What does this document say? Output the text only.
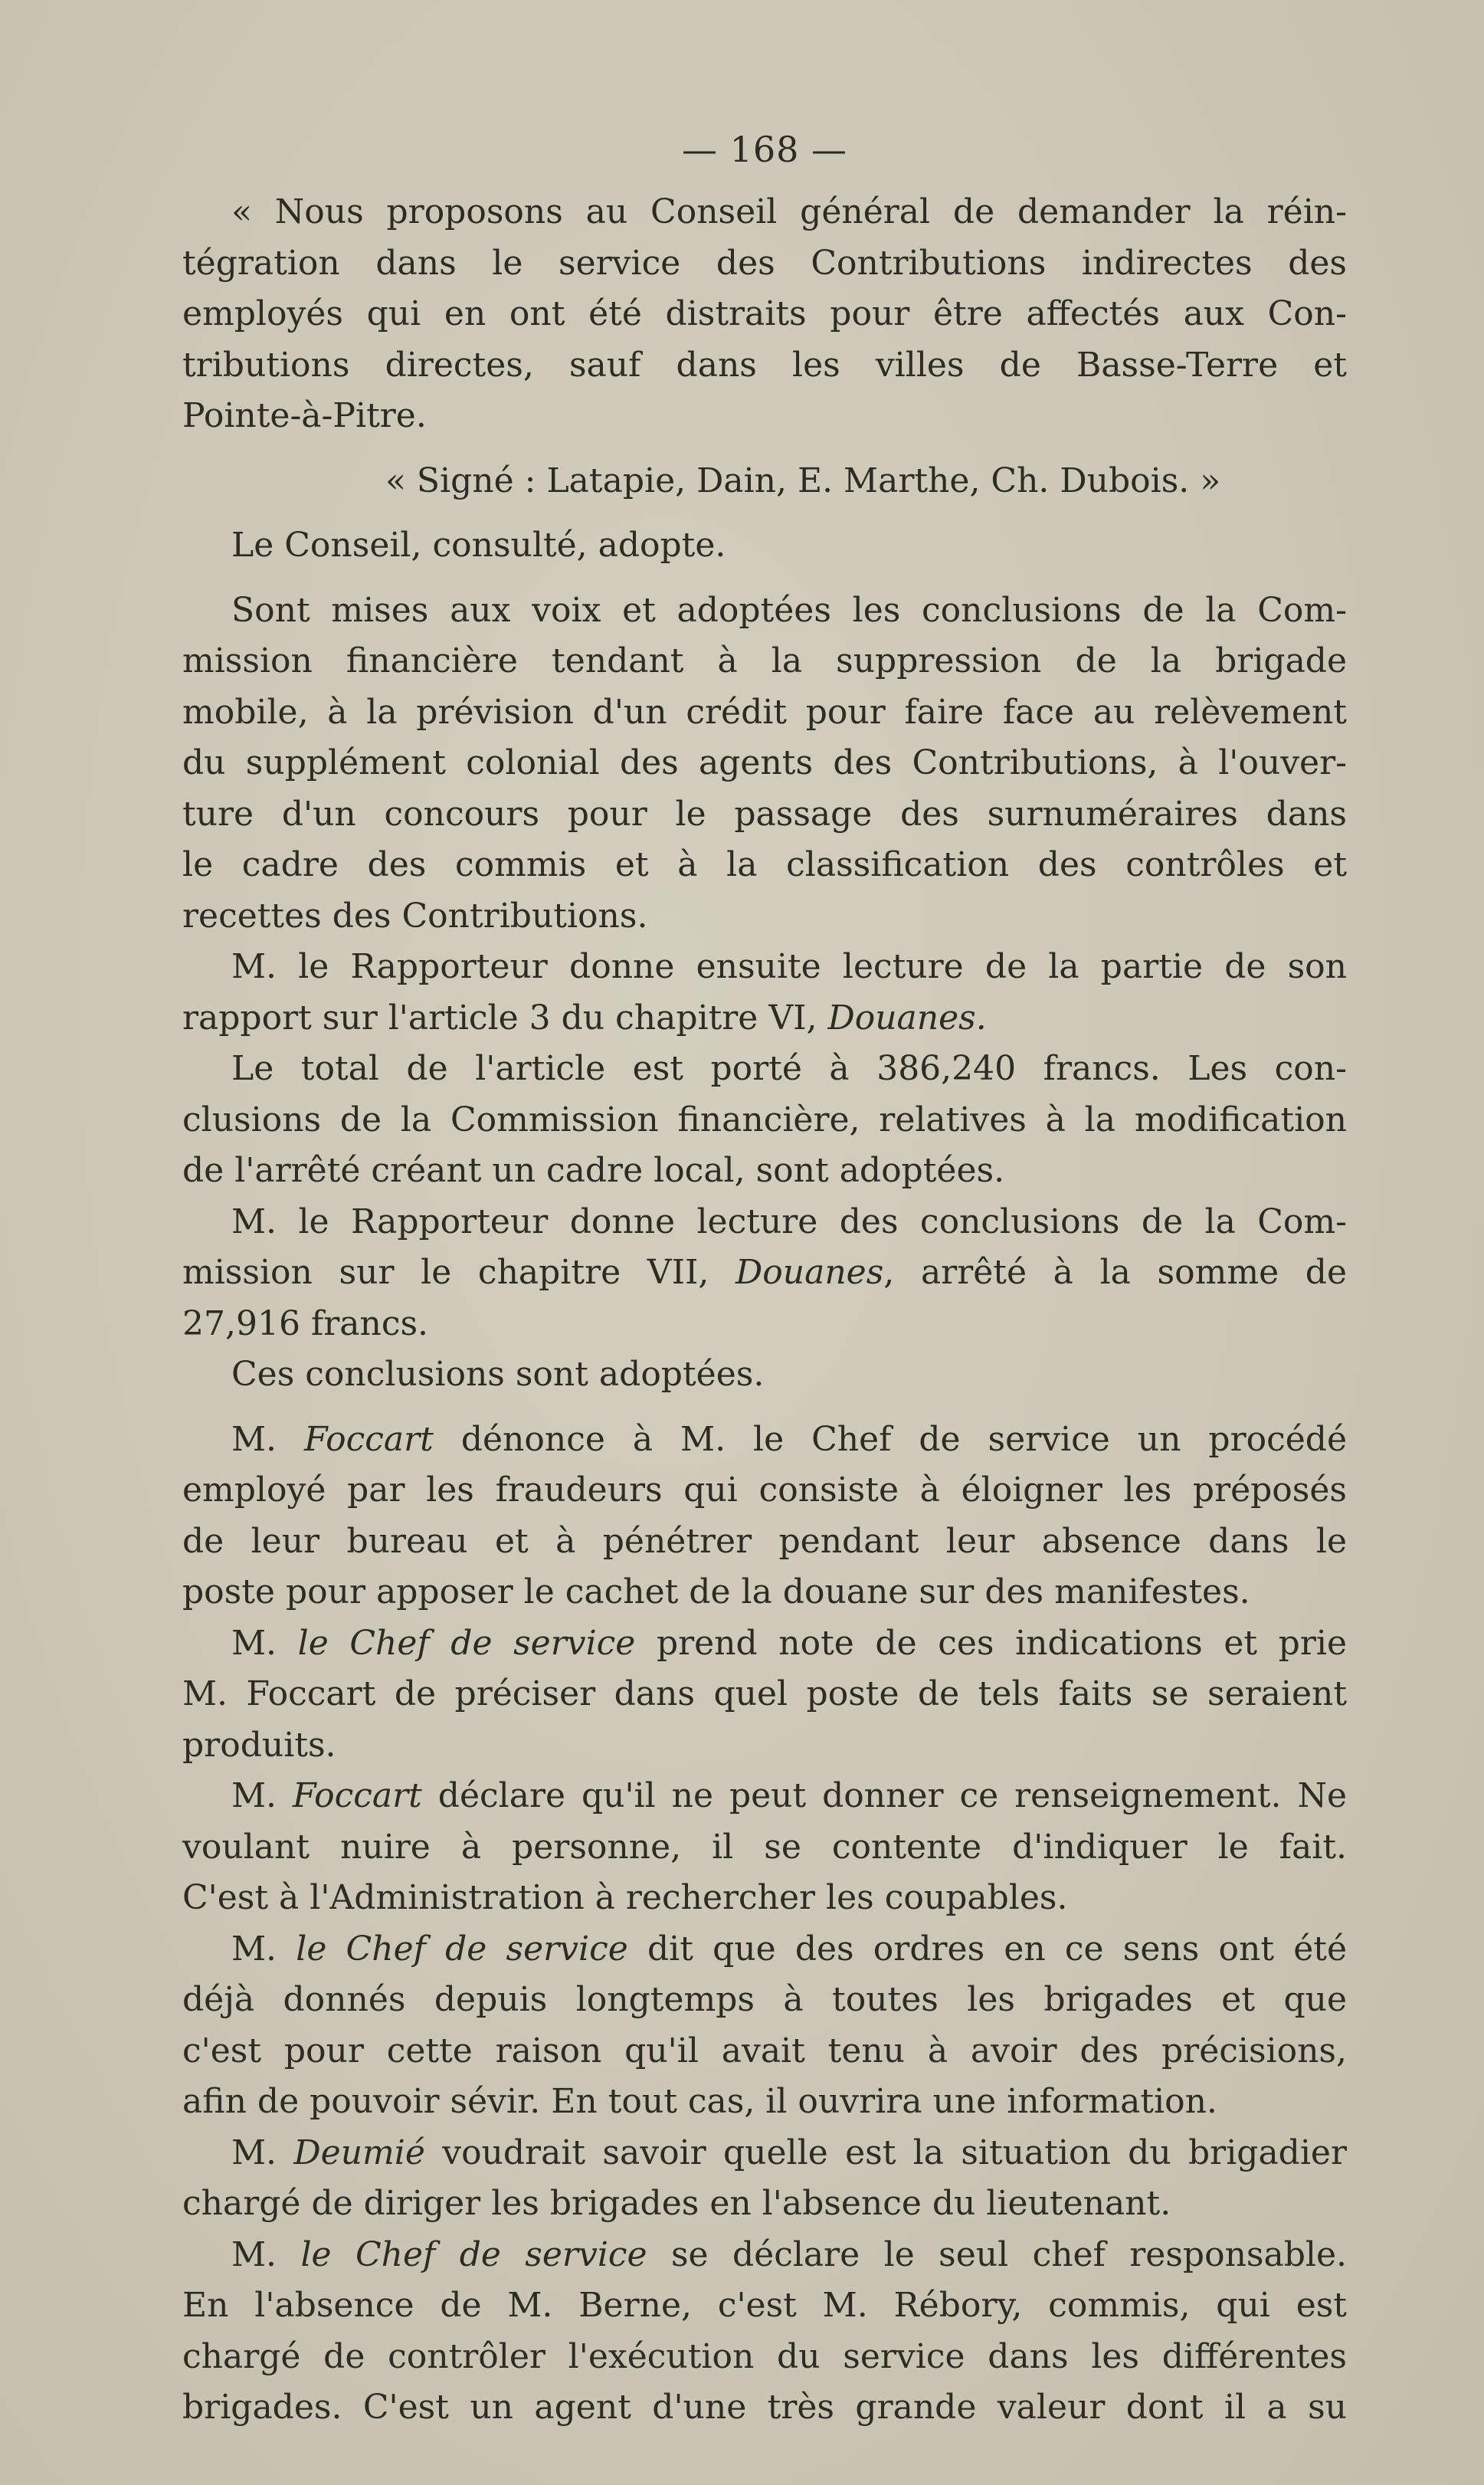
— 168 —
« Nous proposons au Conseil général de demander la réin-
tégration dans le service des Contributions indirectes des
employés qui en ont été distraits pour être affectés aux Con-
tributions directes, sauf dans les villes de Basse-Terre et
Pointe-à-Pitre.
« Signé : Latapie, Dain, E. Marthe, Ch. Dubois. »
Le Conseil, consulté, adopte.
Sont mises aux voix et adoptées les conclusions de la Com-
mission financière tendant à la suppression de la brigade
mobile, à la prévision d'un crédit pour faire face au relèvement
du supplément colonial des agents des Contributions, à l'ouver-
ture d'un concours pour le passage des surnuméraires dans
le cadre des commis et à la classification des contrôles et
recettes des Contributions.
M. le Rapporteur donne ensuite lecture de la partie de son
rapport sur l'article 3 du chapitre VI, Douanes.
Le total de l'article est porté à 386,240 francs. Les con-
clusions de la Commission financière, relatives à la modification
de l'arrêté créant un cadre local, sont adoptées.
M. le Rapporteur donne lecture des conclusions de la Com-
mission sur le chapitre VII, Douanes, arrêté à la somme de
27,916 francs.
Ces conclusions sont adoptées.
M. Foccart dénonce à M. le Chef de service un procédé
employé par les fraudeurs qui consiste à éloigner les préposés
de leur bureau et à pénétrer pendant leur absence dans le
poste pour apposer le cachet de la douane sur des manifestes.
M. le Chef de service prend note de ces indications et prie
M. Foccart de préciser dans quel poste de tels faits se seraient
produits.
M. Foccart déclare qu'il ne peut donner ce renseignement. Ne
voulant nuire à personne, il se contente d'indiquer le fait.
C'est à l'Administration à rechercher les coupables.
M. le Chef de service dit que des ordres en ce sens ont été
déjà donnés depuis longtemps à toutes les brigades et que
c'est pour cette raison qu'il avait tenu à avoir des précisions,
afin de pouvoir sévir. En tout cas, il ouvrira une information.
M. Deumié voudrait savoir quelle est la situation du brigadier
chargé de diriger les brigades en l'absence du lieutenant.
M. le Chef de service se déclare le seul chef responsable.
En l'absence de M. Berne, c'est M. Rébory, commis, qui est
chargé de contrôler l'exécution du service dans les différentes
brigades. C'est un agent d'une très grande valeur dont il a su
